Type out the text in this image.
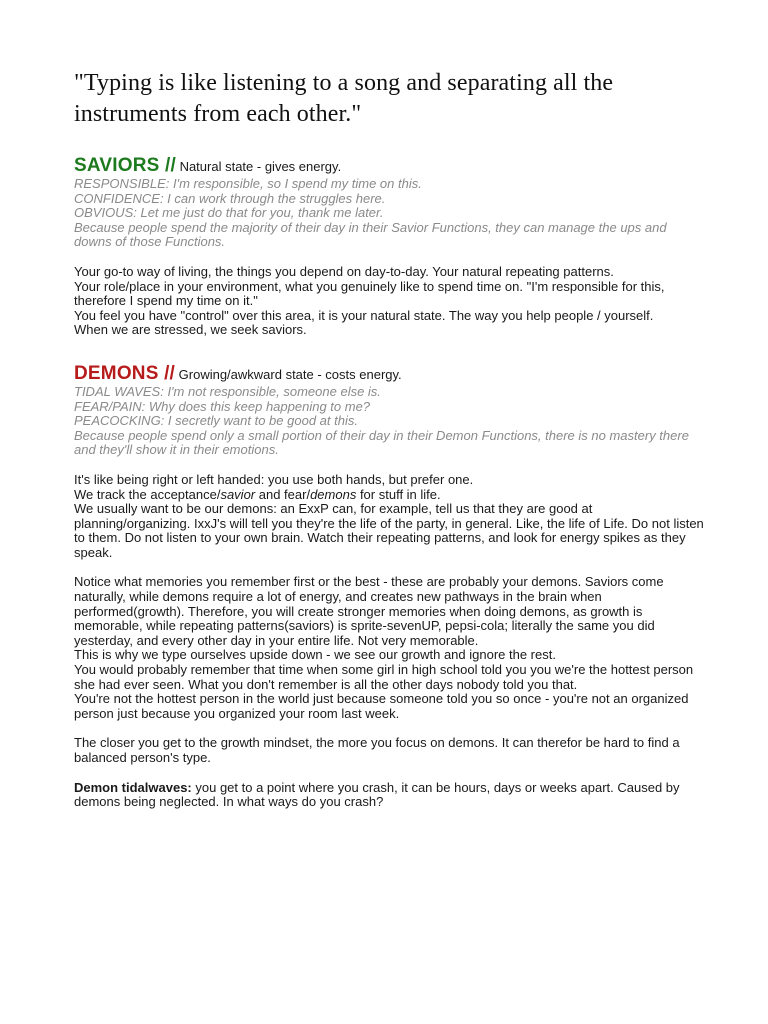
"Typing is like listening to a song and separating all the instruments from each other."
SAVIORS // Natural state - gives energy.

RESPONSIBLE: I'm responsible, so I spend my time on this.

CONFIDENCE: I can work through the struggles here.

OBVIOUS: Let me just do that for you, thank me later.

Because people spend the majority of their day in their Savior Functions, they can manage the ups and downs of those Functions.

Your go-to way of living, the things you depend on day-to-day. Your natural repeating patterns.

Your role/place in your environment, what you genuinely like to spend time on. "I'm responsible for this, therefore I spend my time on it."

You feel you have "control" over this area, it is your natural state. The way you help people / yourself.

When we are stressed, we seek saviors.

DEMONS // Growing/awkward state - costs energy.

TIDAL WAVES: I'm not responsible, someone else is.

FEAR/PAIN: Why does this keep happening to me?

PEACOCKING: I secretly want to be good at this.

Because people spend only a small portion of their day in their Demon Functions, there is no mastery there and they'll show it in their emotions.

It's like being right or left handed: you use both hands, but prefer one.

We track the acceptance/savior and fear/demons for stuff in life.

We usually want to be our demons: an ExxP can, for example, tell us that they are good at planning/organizing. IxxJ's will tell you they're the life of the party, in general. Like, the life of Life. Do not listen to them. Do not listen to your own brain. Watch their repeating patterns, and look for energy spikes as they speak.

Notice what memories you remember first or the best - these are probably your demons. Saviors come naturally, while demons require a lot of energy, and creates new pathways in the brain when performed(growth). Therefore, you will create stronger memories when doing demons, as growth is memorable, while repeating patterns(saviors) is sprite-sevenUP, pepsi-cola; literally the same you did yesterday, and every other day in your entire life. Not very memorable.

This is why we type ourselves upside down - we see our growth and ignore the rest.

You would probably remember that time when some girl in high school told you you we're the hottest person she had ever seen. What you don't remember is all the other days nobody told you that.

You're not the hottest person in the world just because someone told you so once - you're not an organized person just because you organized your room last week.

The closer you get to the growth mindset, the more you focus on demons. It can therefor be hard to find a balanced person's type.

Demon tidalwaves: you get to a point where you crash, it can be hours, days or weeks apart. Caused by demons being neglected. In what ways do you crash?
